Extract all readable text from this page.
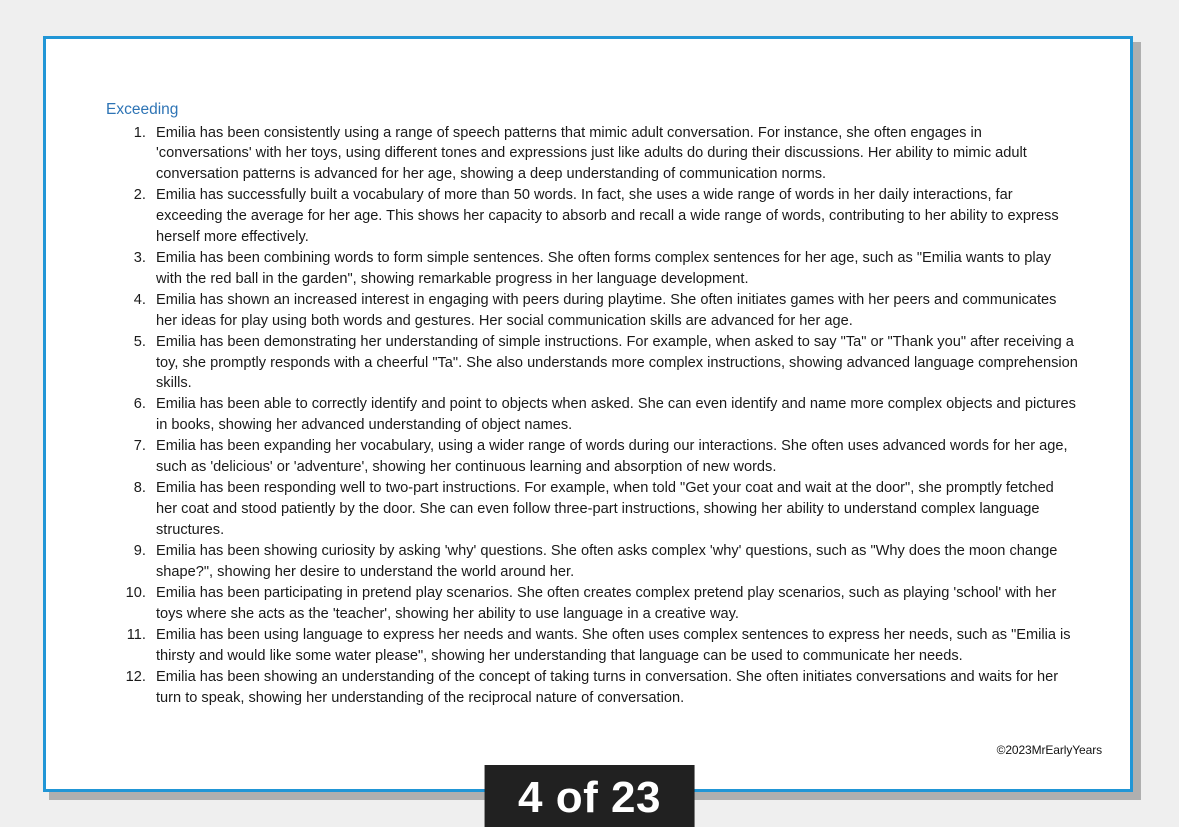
Exceeding
1. Emilia has been consistently using a range of speech patterns that mimic adult conversation. For instance, she often engages in 'conversations' with her toys, using different tones and expressions just like adults do during their discussions. Her ability to mimic adult conversation patterns is advanced for her age, showing a deep understanding of communication norms.
2. Emilia has successfully built a vocabulary of more than 50 words. In fact, she uses a wide range of words in her daily interactions, far exceeding the average for her age. This shows her capacity to absorb and recall a wide range of words, contributing to her ability to express herself more effectively.
3. Emilia has been combining words to form simple sentences. She often forms complex sentences for her age, such as "Emilia wants to play with the red ball in the garden", showing remarkable progress in her language development.
4. Emilia has shown an increased interest in engaging with peers during playtime. She often initiates games with her peers and communicates her ideas for play using both words and gestures. Her social communication skills are advanced for her age.
5. Emilia has been demonstrating her understanding of simple instructions. For example, when asked to say "Ta" or "Thank you" after receiving a toy, she promptly responds with a cheerful "Ta". She also understands more complex instructions, showing advanced language comprehension skills.
6. Emilia has been able to correctly identify and point to objects when asked. She can even identify and name more complex objects and pictures in books, showing her advanced understanding of object names.
7. Emilia has been expanding her vocabulary, using a wider range of words during our interactions. She often uses advanced words for her age, such as 'delicious' or 'adventure', showing her continuous learning and absorption of new words.
8. Emilia has been responding well to two-part instructions. For example, when told "Get your coat and wait at the door", she promptly fetched her coat and stood patiently by the door. She can even follow three-part instructions, showing her ability to understand complex language structures.
9. Emilia has been showing curiosity by asking 'why' questions. She often asks complex 'why' questions, such as "Why does the moon change shape?", showing her desire to understand the world around her.
10. Emilia has been participating in pretend play scenarios. She often creates complex pretend play scenarios, such as playing 'school' with her toys where she acts as the 'teacher', showing her ability to use language in a creative way.
11. Emilia has been using language to express her needs and wants. She often uses complex sentences to express her needs, such as "Emilia is thirsty and would like some water please", showing her understanding that language can be used to communicate her needs.
12. Emilia has been showing an understanding of the concept of taking turns in conversation. She often initiates conversations and waits for her turn to speak, showing her understanding of the reciprocal nature of conversation.
©2023MrEarlyYears
4 of 23
